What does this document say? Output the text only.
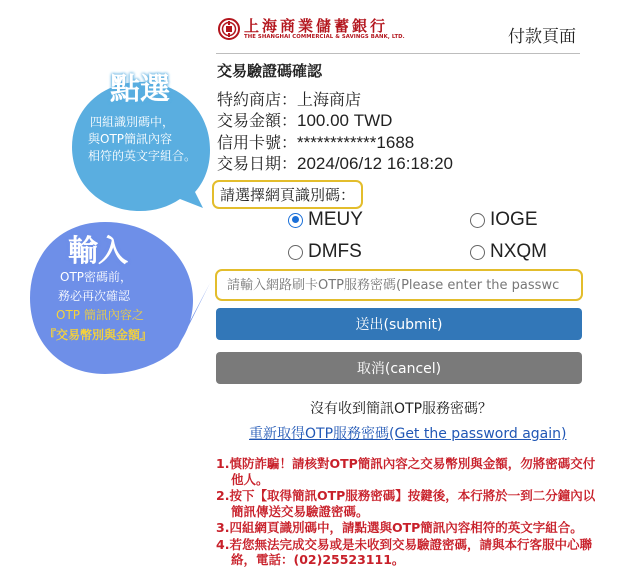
點選
四組識別碼中，
與OTP簡訊內容
相符的英文字組合。
輸入
OTP密碼前，
務必再次確認
OTP 簡訊內容之
『交易幣別與金額』
上海商業儲蓄銀行
THE SHANGHAI COMMERCIAL & SAVINGS BANK, LTD.	付款頁面
交易驗證碼確認
特約商店：上海商店
交易金額：100.00 TWD
信用卡號：************1688
交易日期：2024/06/12 16:18:20
請選擇網頁識別碼：
MEUY	IOGE
DMFS	NXQM
請輸入網路刷卡OTP服務密碼(Please enter the passwc
送出(submit)
取消(cancel)
沒有收到簡訊OTP服務密碼？
重新取得OTP服務密碼(Get the password again)
1.慎防詐騙！請核對OTP簡訊內容之交易幣別與金額，勿將密碼交付他人。
2.按下【取得簡訊OTP服務密碼】按鍵後，本行將於一到二分鐘內以簡訊傳送交易驗證密碼。
3.四組網頁識別碼中，請點選與OTP簡訊內容相符的英文字組合。
4.若您無法完成交易或是未收到交易驗證密碼，請與本行客服中心聯絡，電話：(02)25523111。
